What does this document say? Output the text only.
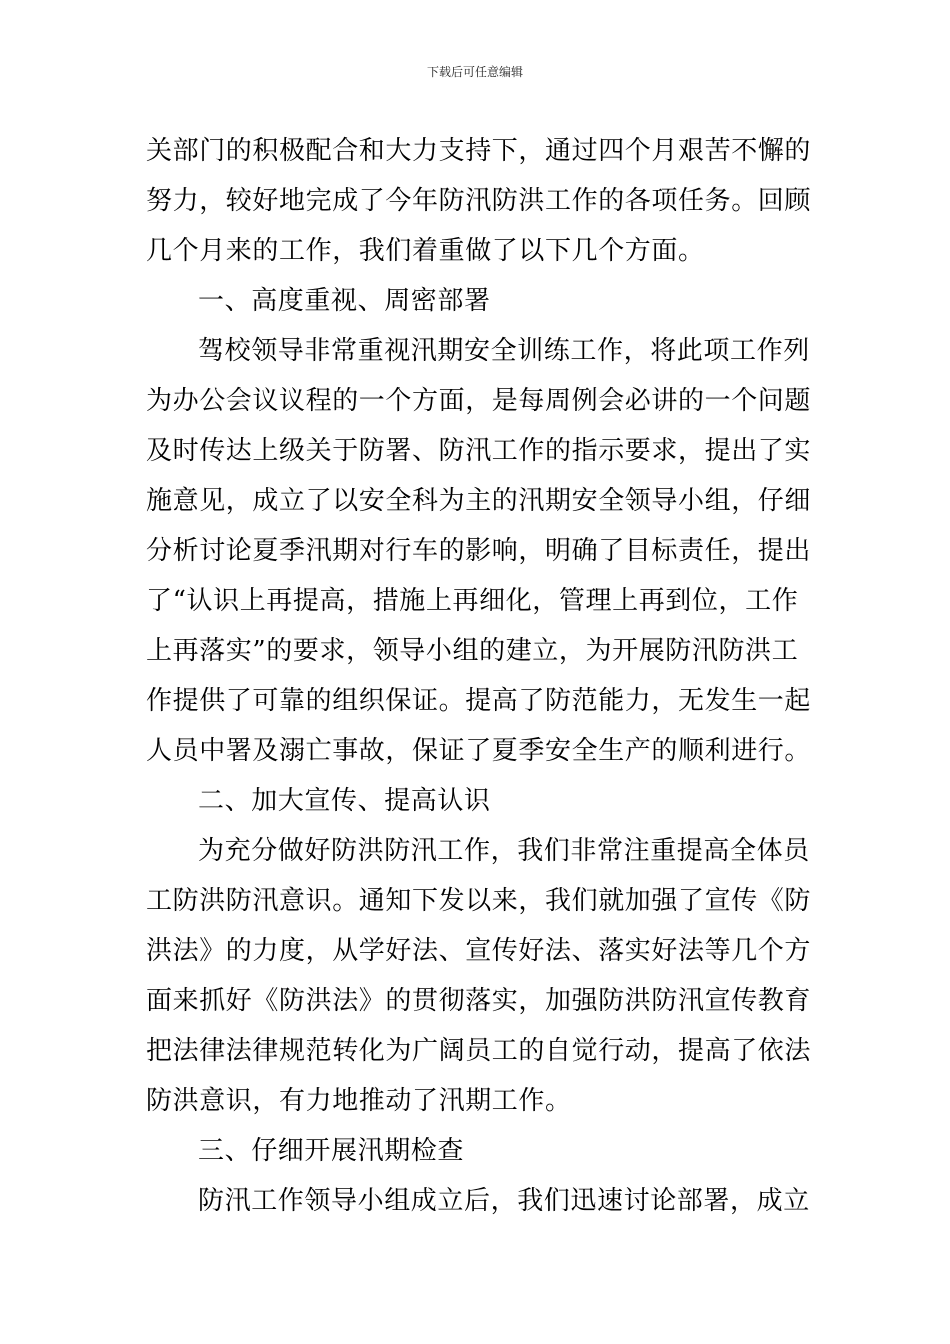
下载后可任意编辑
关部门的积极配合和大力支持下，通过四个月艰苦不懈的
努力，较好地完成了今年防汛防洪工作的各项任务。回顾
几个月来的工作，我们着重做了以下几个方面。
一、高度重视、周密部署
驾校领导非常重视汛期安全训练工作，将此项工作列
为办公会议议程的一个方面，是每周例会必讲的一个问题
及时传达上级关于防署、防汛工作的指示要求，提出了实
施意见，成立了以安全科为主的汛期安全领导小组，仔细
分析讨论夏季汛期对行车的影响，明确了目标责任，提出
了“认识上再提高，措施上再细化，管理上再到位，工作
上再落实”的要求，领导小组的建立，为开展防汛防洪工
作提供了可靠的组织保证。提高了防范能力，无发生一起
人员中署及溺亡事故，保证了夏季安全生产的顺利进行。
二、加大宣传、提高认识
为充分做好防洪防汛工作，我们非常注重提高全体员
工防洪防汛意识。通知下发以来，我们就加强了宣传《防
洪法》的力度，从学好法、宣传好法、落实好法等几个方
面来抓好《防洪法》的贯彻落实，加强防洪防汛宣传教育
把法律法律规范转化为广阔员工的自觉行动，提高了依法
防洪意识，有力地推动了汛期工作。
三、仔细开展汛期检查
防汛工作领导小组成立后，我们迅速讨论部署，成立
